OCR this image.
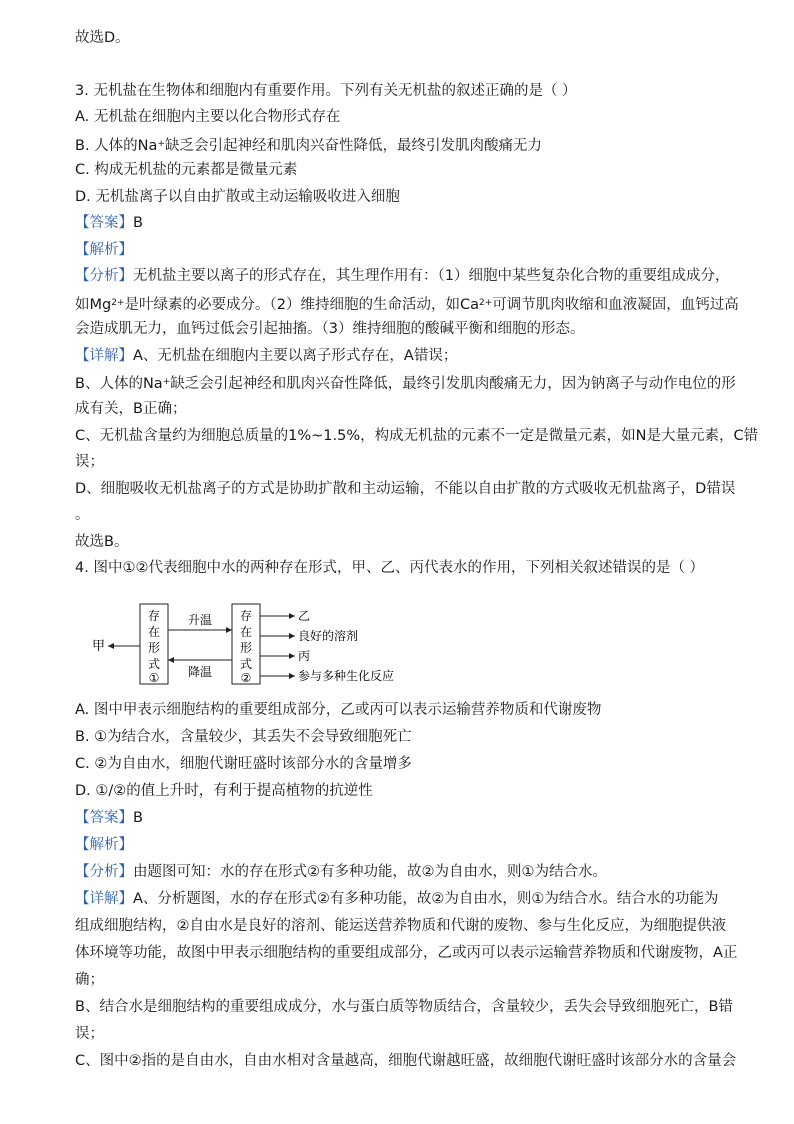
故选D。
3. 无机盐在生物体和细胞内有重要作用。下列有关无机盐的叙述正确的是（ ）
A. 无机盐在细胞内主要以化合物形式存在
B. 人体的Na+缺乏会引起神经和肌肉兴奋性降低，最终引发肌肉酸痛无力
C. 构成无机盐的元素都是微量元素
D. 无机盐离子以自由扩散或主动运输吸收进入细胞
【答案】B
【解析】
【分析】无机盐主要以离子的形式存在，其生理作用有：（1）细胞中某些复杂化合物的重要组成成分，
如$Mg^{2+}$是叶绿素的必要成分。（2）维持细胞的生命活动，如$Ca^{2+}$可调节肌肉收缩和血液凝固，血钙过高
会造成肌无力，血钙过低会引起抽搐。（3）维持细胞的酸碱平衡和细胞的形态。
【详解】A、无机盐在细胞内主要以离子形式存在，A错误；
B、人体的Na+缺乏会引起神经和肌肉兴奋性降低，最终引发肌肉酸痛无力，因为钠离子与动作电位的形
成有关，B正确；
C、无机盐含量约为细胞总质量的1%~1.5%，构成无机盐的元素不一定是微量元素，如N是大量元素，C错
误；
D、细胞吸收无机盐离子的方式是协助扩散和主动运输，不能以自由扩散的方式吸收无机盐离子，D错误
。
故选B。
4. 图中①②代表细胞中水的两种存在形式，甲、乙、丙代表水的作用，下列相关叙述错误的是（ ）
甲
存
在
形
式
①
升温
降温
存
在
形
式
②
乙
良好的溶剂
丙
参与多种生化反应
A. 图中甲表示细胞结构的重要组成部分，乙或丙可以表示运输营养物质和代谢废物
B. ①为结合水，含量较少，其丢失不会导致细胞死亡
C. ②为自由水，细胞代谢旺盛时该部分水的含量增多
D. ①/②的值上升时，有利于提高植物的抗逆性
【答案】B
【解析】
【分析】由题图可知：水的存在形式②有多种功能，故②为自由水，则①为结合水。
【详解】A、分析题图，水的存在形式②有多种功能，故②为自由水，则①为结合水。结合水的功能为
组成细胞结构，②自由水是良好的溶剂、能运送营养物质和代谢的废物、参与生化反应，为细胞提供液
体环境等功能，故图中甲表示细胞结构的重要组成部分，乙或丙可以表示运输营养物质和代谢废物，A正
确；
B、结合水是细胞结构的重要组成成分，水与蛋白质等物质结合，含量较少，丢失会导致细胞死亡，B错
误；
C、图中②指的是自由水，自由水相对含量越高，细胞代谢越旺盛，故细胞代谢旺盛时该部分水的含量会
